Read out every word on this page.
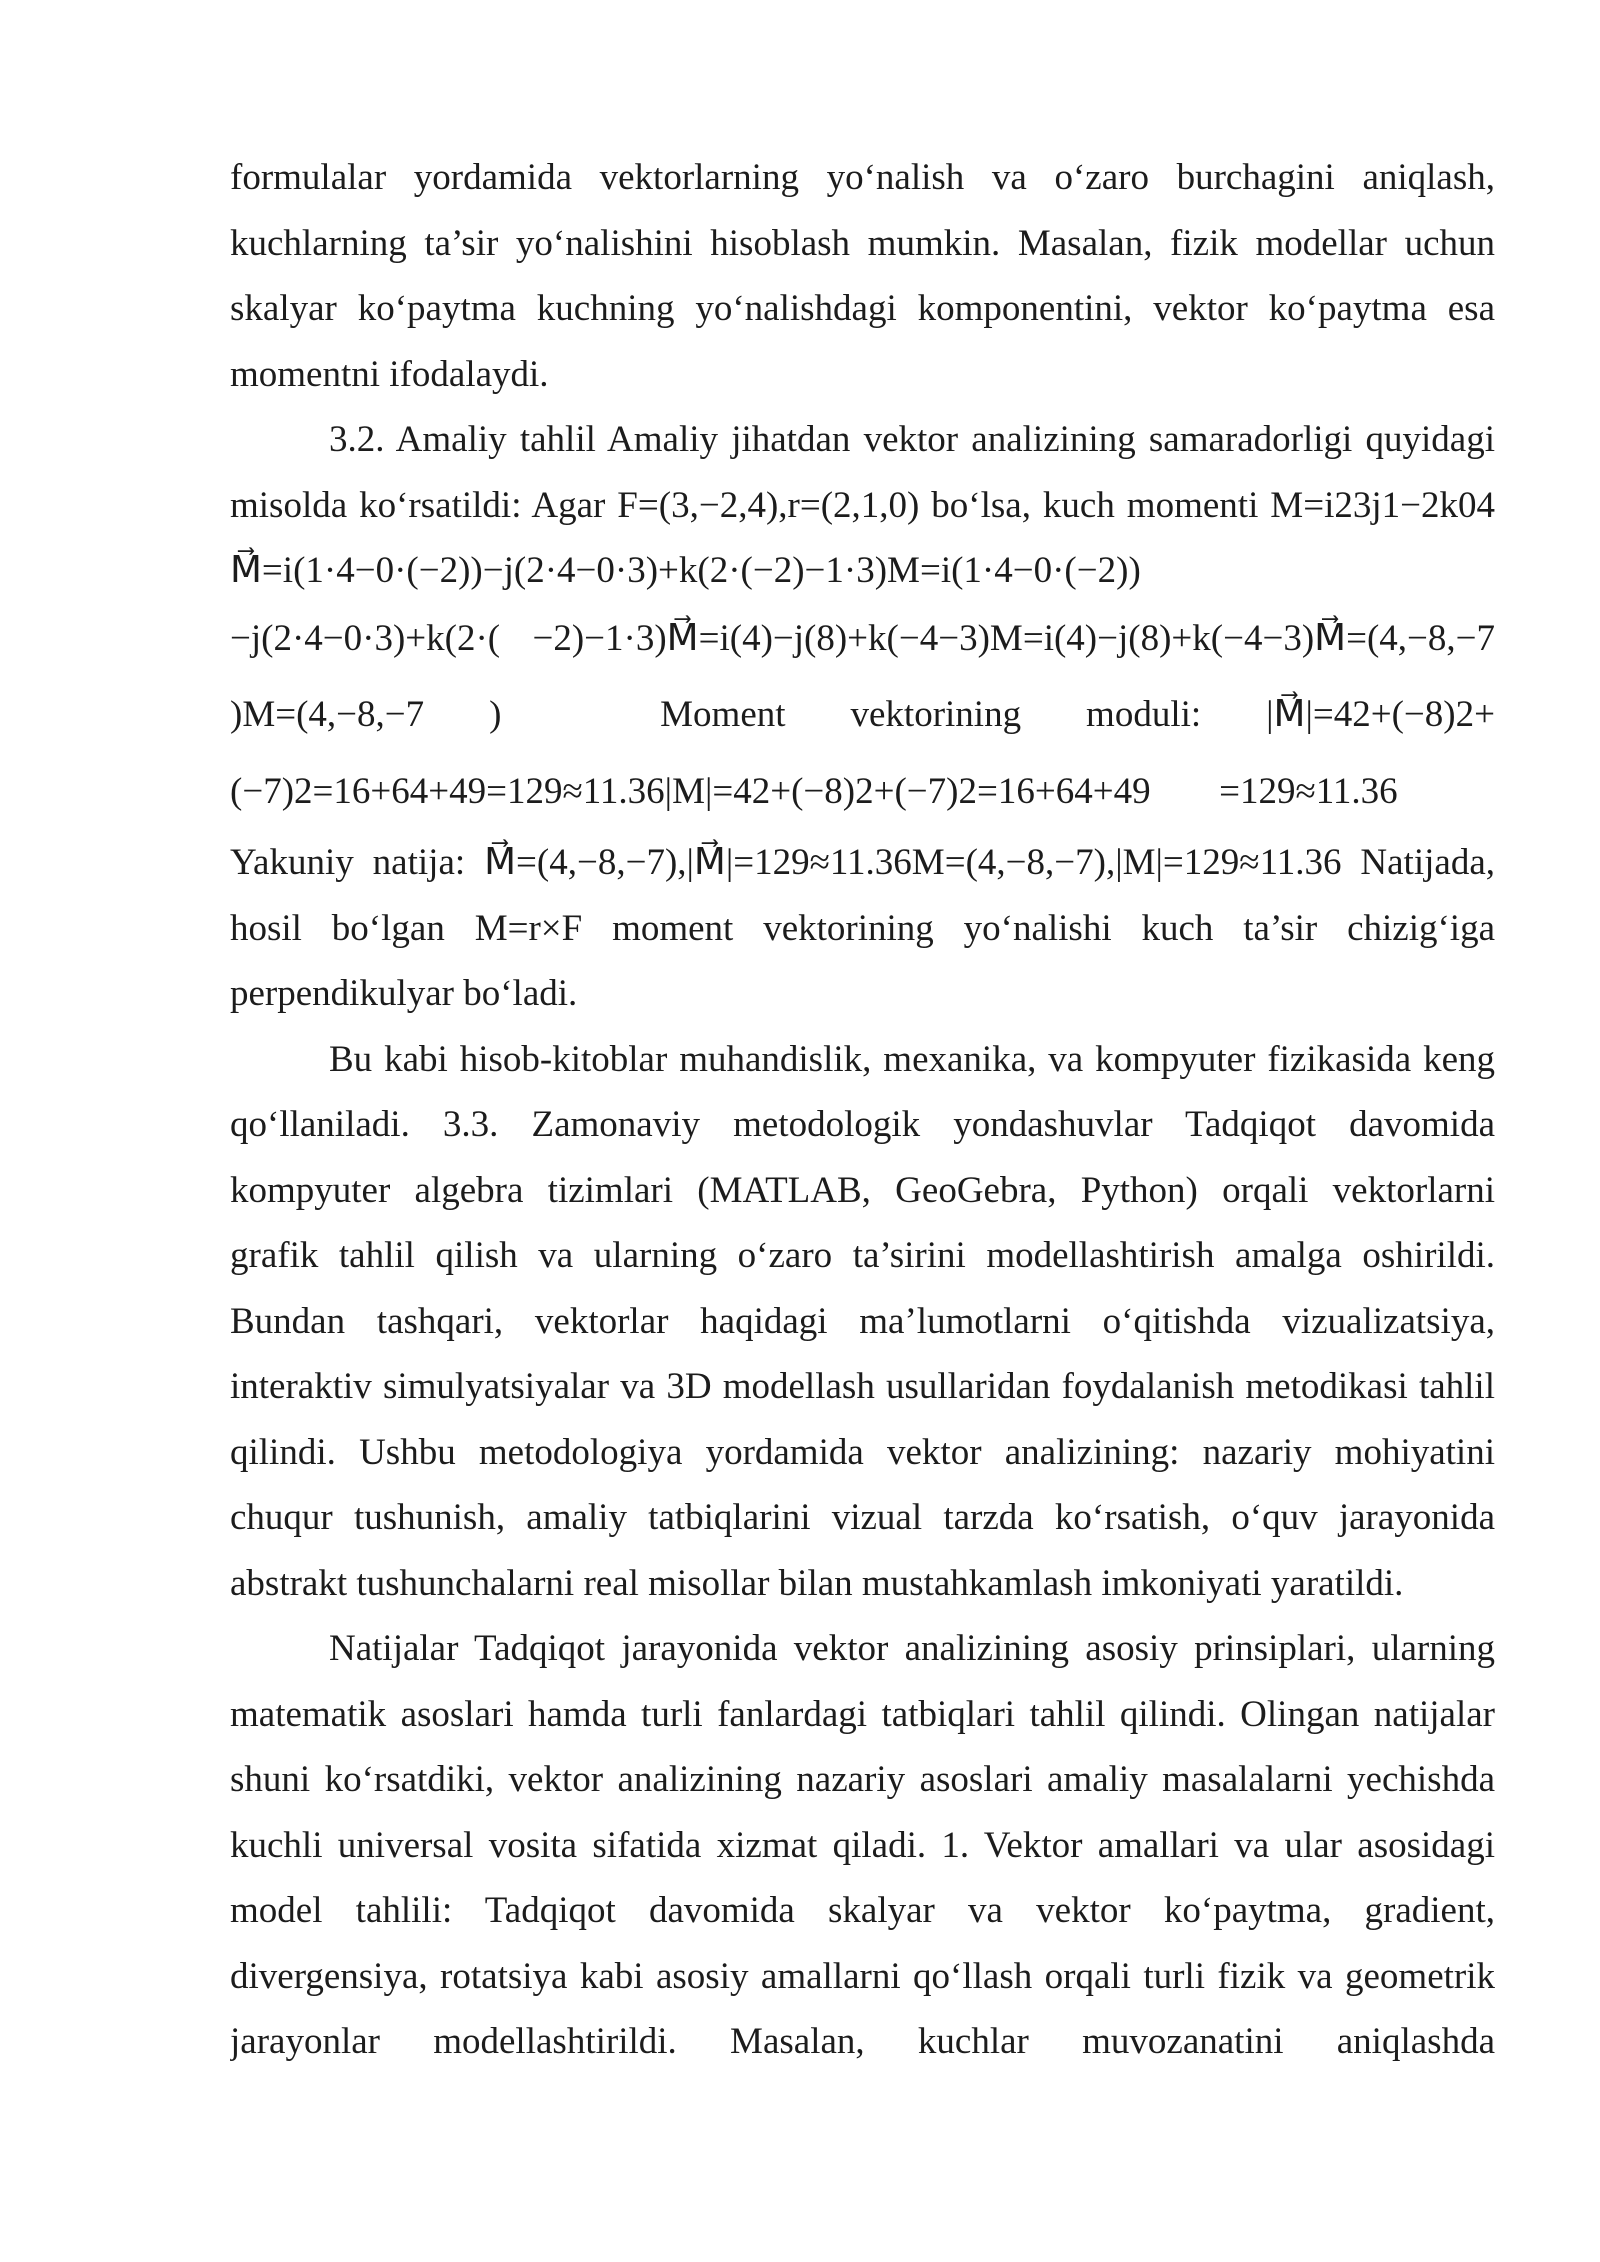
formulalar yordamida vektorlarning yo‘nalish va o‘zaro burchagini aniqlash,
kuchlarning ta’sir yo‘nalishini hisoblash mumkin. Masalan, fizik modellar uchun
skalyar ko‘paytma kuchning yo‘nalishdagi komponentini, vektor ko‘paytma esa
momentni ifodalaydi.
3.2. Amaliy tahlil Amaliy jihatdan vektor analizining samaradorligi quyidagi
misolda ko‘rsatildi: Agar F=(3,−2,4),r=(2,1,0) bo‘lsa, kuch momenti M=i23j1−2k04
M⃗=i(1·4−0·(−2))−j(2·4−0·3)+k(2·(−2)−1·3)M=i(1·4−0·(−2))
−j(2·4−0·3)+k(2·( −2)−1·3)M⃗=i(4)−j(8)+k(−4−3)M=i(4)−j(8)+k(−4−3)M⃗=(4,−8,−7
)M=(4,−8,−7 ) Moment vektorining moduli: |M⃗|=42+(−8)2+
(−7)2=16+64+49=129≈11.36|M|=42+(−8)2+(−7)2=16+64+49 =129≈11.36
Yakuniy natija: M⃗=(4,−8,−7),|M⃗|=129≈11.36M=(4,−8,−7),|M|=129≈11.36 Natijada,
hosil bo‘lgan M=r×F moment vektorining yo‘nalishi kuch ta’sir chizig‘iga
perpendikulyar bo‘ladi.
Bu kabi hisob-kitoblar muhandislik, mexanika, va kompyuter fizikasida keng
qo‘llaniladi. 3.3. Zamonaviy metodologik yondashuvlar Tadqiqot davomida
kompyuter algebra tizimlari (MATLAB, GeoGebra, Python) orqali vektorlarni
grafik tahlil qilish va ularning o‘zaro ta’sirini modellashtirish amalga oshirildi.
Bundan tashqari, vektorlar haqidagi ma’lumotlarni o‘qitishda vizualizatsiya,
interaktiv simulyatsiyalar va 3D modellash usullaridan foydalanish metodikasi tahlil
qilindi. Ushbu metodologiya yordamida vektor analizining: nazariy mohiyatini
chuqur tushunish, amaliy tatbiqlarini vizual tarzda ko‘rsatish, o‘quv jarayonida
abstrakt tushunchalarni real misollar bilan mustahkamlash imkoniyati yaratildi.
Natijalar Tadqiqot jarayonida vektor analizining asosiy prinsiplari, ularning
matematik asoslari hamda turli fanlardagi tatbiqlari tahlil qilindi. Olingan natijalar
shuni ko‘rsatdiki, vektor analizining nazariy asoslari amaliy masalalarni yechishda
kuchli universal vosita sifatida xizmat qiladi. 1. Vektor amallari va ular asosidagi
model tahlili: Tadqiqot davomida skalyar va vektor ko‘paytma, gradient,
divergensiya, rotatsiya kabi asosiy amallarni qo‘llash orqali turli fizik va geometrik
jarayonlar modellashtirildi. Masalan, kuchlar muvozanatini aniqlashda
